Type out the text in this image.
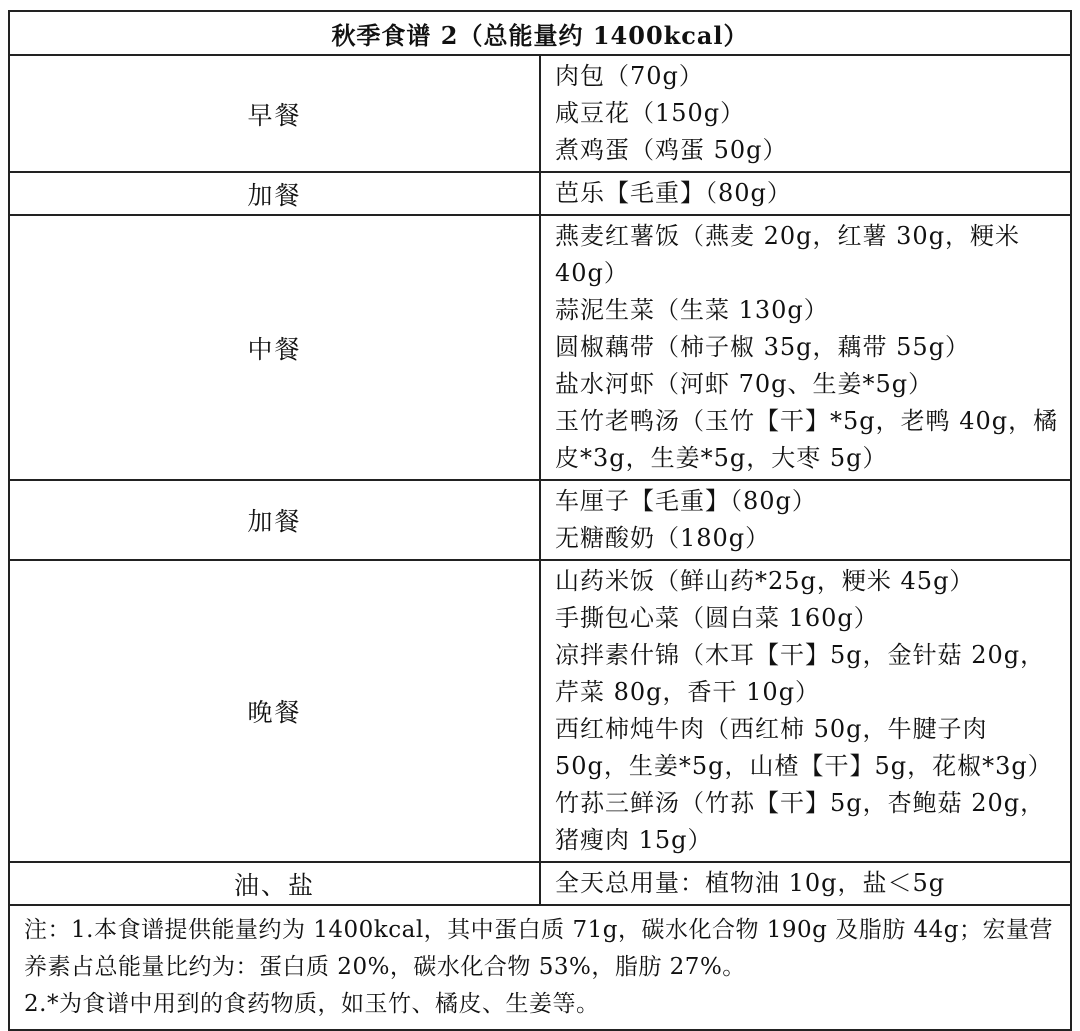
秋季食谱 2（总能量约 1400kcal）	
早餐	肉包（70g）
咸豆花（150g）
煮鸡蛋（鸡蛋 50g）

加餐	芭乐【毛重】（80g）

中餐	燕麦红薯饭（燕麦 20g，红薯 30g，粳米 40g）
蒜泥生菜（生菜 130g）
圆椒藕带（柿子椒 35g，藕带 55g）
盐水河虾（河虾 70g、生姜*5g）
玉竹老鸭汤（玉竹【干】*5g，老鸭 40g，橘皮*3g，生姜*5g，大枣 5g）

加餐	车厘子【毛重】（80g）
无糖酸奶（180g）

晚餐	山药米饭（鲜山药*25g，粳米 45g）
手撕包心菜（圆白菜 160g）
凉拌素什锦（木耳【干】5g，金针菇 20g，芹菜 80g，香干 10g）
西红柿炖牛肉（西红柿 50g，牛腱子肉 50g，生姜*5g，山楂【干】5g，花椒*3g）
竹荪三鲜汤（竹荪【干】5g，杏鲍菇 20g，猪瘦肉 15g）

油、盐	全天总用量：植物油 10g，盐＜5g

注：1.本食谱提供能量约为 1400kcal，其中蛋白质 71g，碳水化合物 190g 及脂肪 44g；宏量营养素占总能量比约为：蛋白质 20%，碳水化合物 53%，脂肪 27%。
2.*为食谱中用到的食药物质，如玉竹、橘皮、生姜等。	
